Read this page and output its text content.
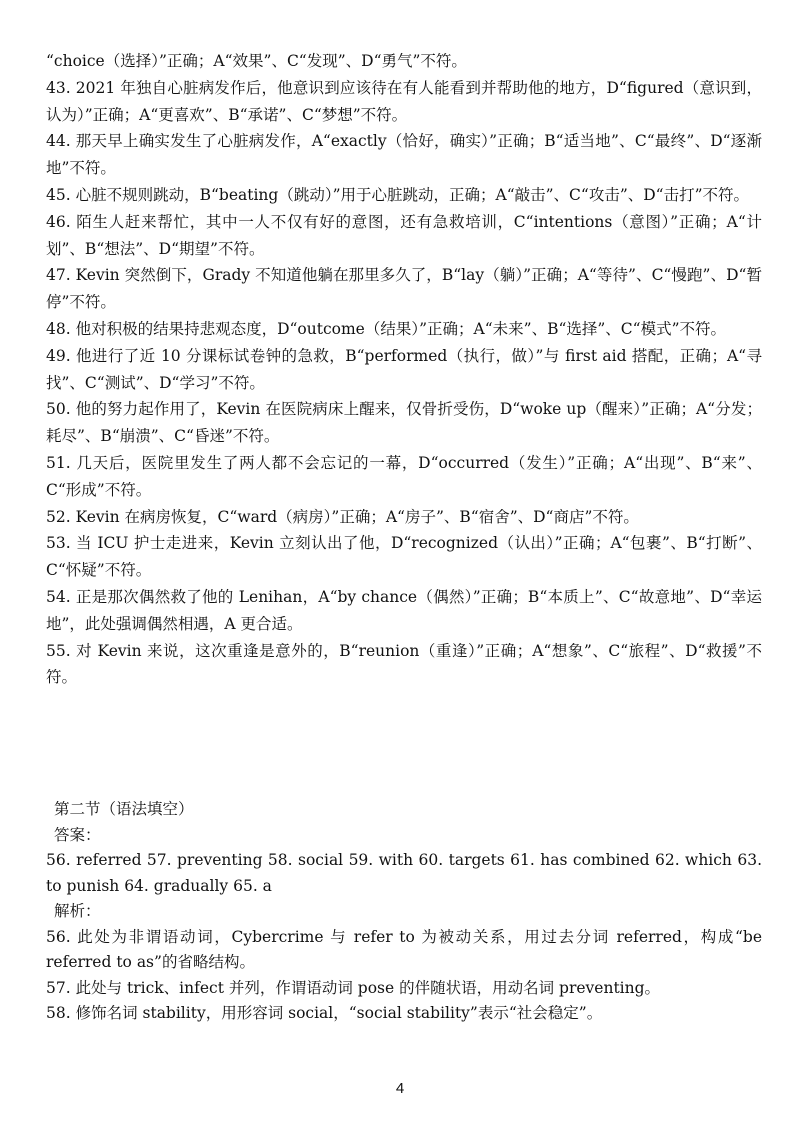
“choice（选择）”正确；A“效果”、C“发现”、D“勇气”不符。

43. 2021 年独自心脏病发作后，他意识到应该待在有人能看到并帮助他的地方，D“figured（意识到，认为）”正确；A“更喜欢”、B“承诺”、C“梦想”不符。

44. 那天早上确实发生了心脏病发作，A“exactly（恰好，确实）”正确；B“适当地”、C“最终”、D“逐渐地”不符。

45. 心脏不规则跳动，B“beating（跳动）”用于心脏跳动，正确；A“敲击”、C“攻击”、D“击打”不符。

46. 陌生人赶来帮忙，其中一人不仅有好的意图，还有急救培训，C“intentions（意图）”正确；A“计划”、B“想法”、D“期望”不符。

47. Kevin 突然倒下，Grady 不知道他躺在那里多久了，B“lay（躺）”正确；A“等待”、C“慢跑”、D“暂停”不符。

48. 他对积极的结果持悲观态度，D“outcome（结果）”正确；A“未来”、B“选择”、C“模式”不符。

49. 他进行了近 10 分课标试卷钟的急救，B“performed（执行，做）”与 first aid 搭配，正确；A“寻找”、C“测试”、D“学习”不符。

50. 他的努力起作用了，Kevin 在医院病床上醒来，仅骨折受伤，D“woke up（醒来）”正确；A“分发；耗尽”、B“崩溃”、C“昏迷”不符。

51. 几天后，医院里发生了两人都不会忘记的一幕，D“occurred（发生）”正确；A“出现”、B“来”、C“形成”不符。

52. Kevin 在病房恢复，C“ward（病房）”正确；A“房子”、B“宿舍”、D“商店”不符。

53. 当 ICU 护士走进来，Kevin 立刻认出了他，D“recognized（认出）”正确；A“包裹”、B“打断”、C“怀疑”不符。

54. 正是那次偶然救了他的 Lenihan，A“by chance（偶然）”正确；B“本质上”、C“故意地”、D“幸运地”，此处强调偶然相遇，A 更合适。

55. 对 Kevin 来说，这次重逢是意外的，B“reunion（重逢）”正确；A“想象”、C“旅程”、D“救援”不符。

第二节（语法填空）

答案：

56. referred 57. preventing 58. social 59. with 60. targets 61. has combined 62. which 63. to punish 64. gradually 65. a

解析：

56. 此处为非谓语动词，Cybercrime 与 refer to 为被动关系，用过去分词 referred，构成“be referred to as”的省略结构。

57. 此处与 trick、infect 并列，作谓语动词 pose 的伴随状语，用动名词 preventing。

58. 修饰名词 stability，用形容词 social，“social stability”表示“社会稳定”。

4
